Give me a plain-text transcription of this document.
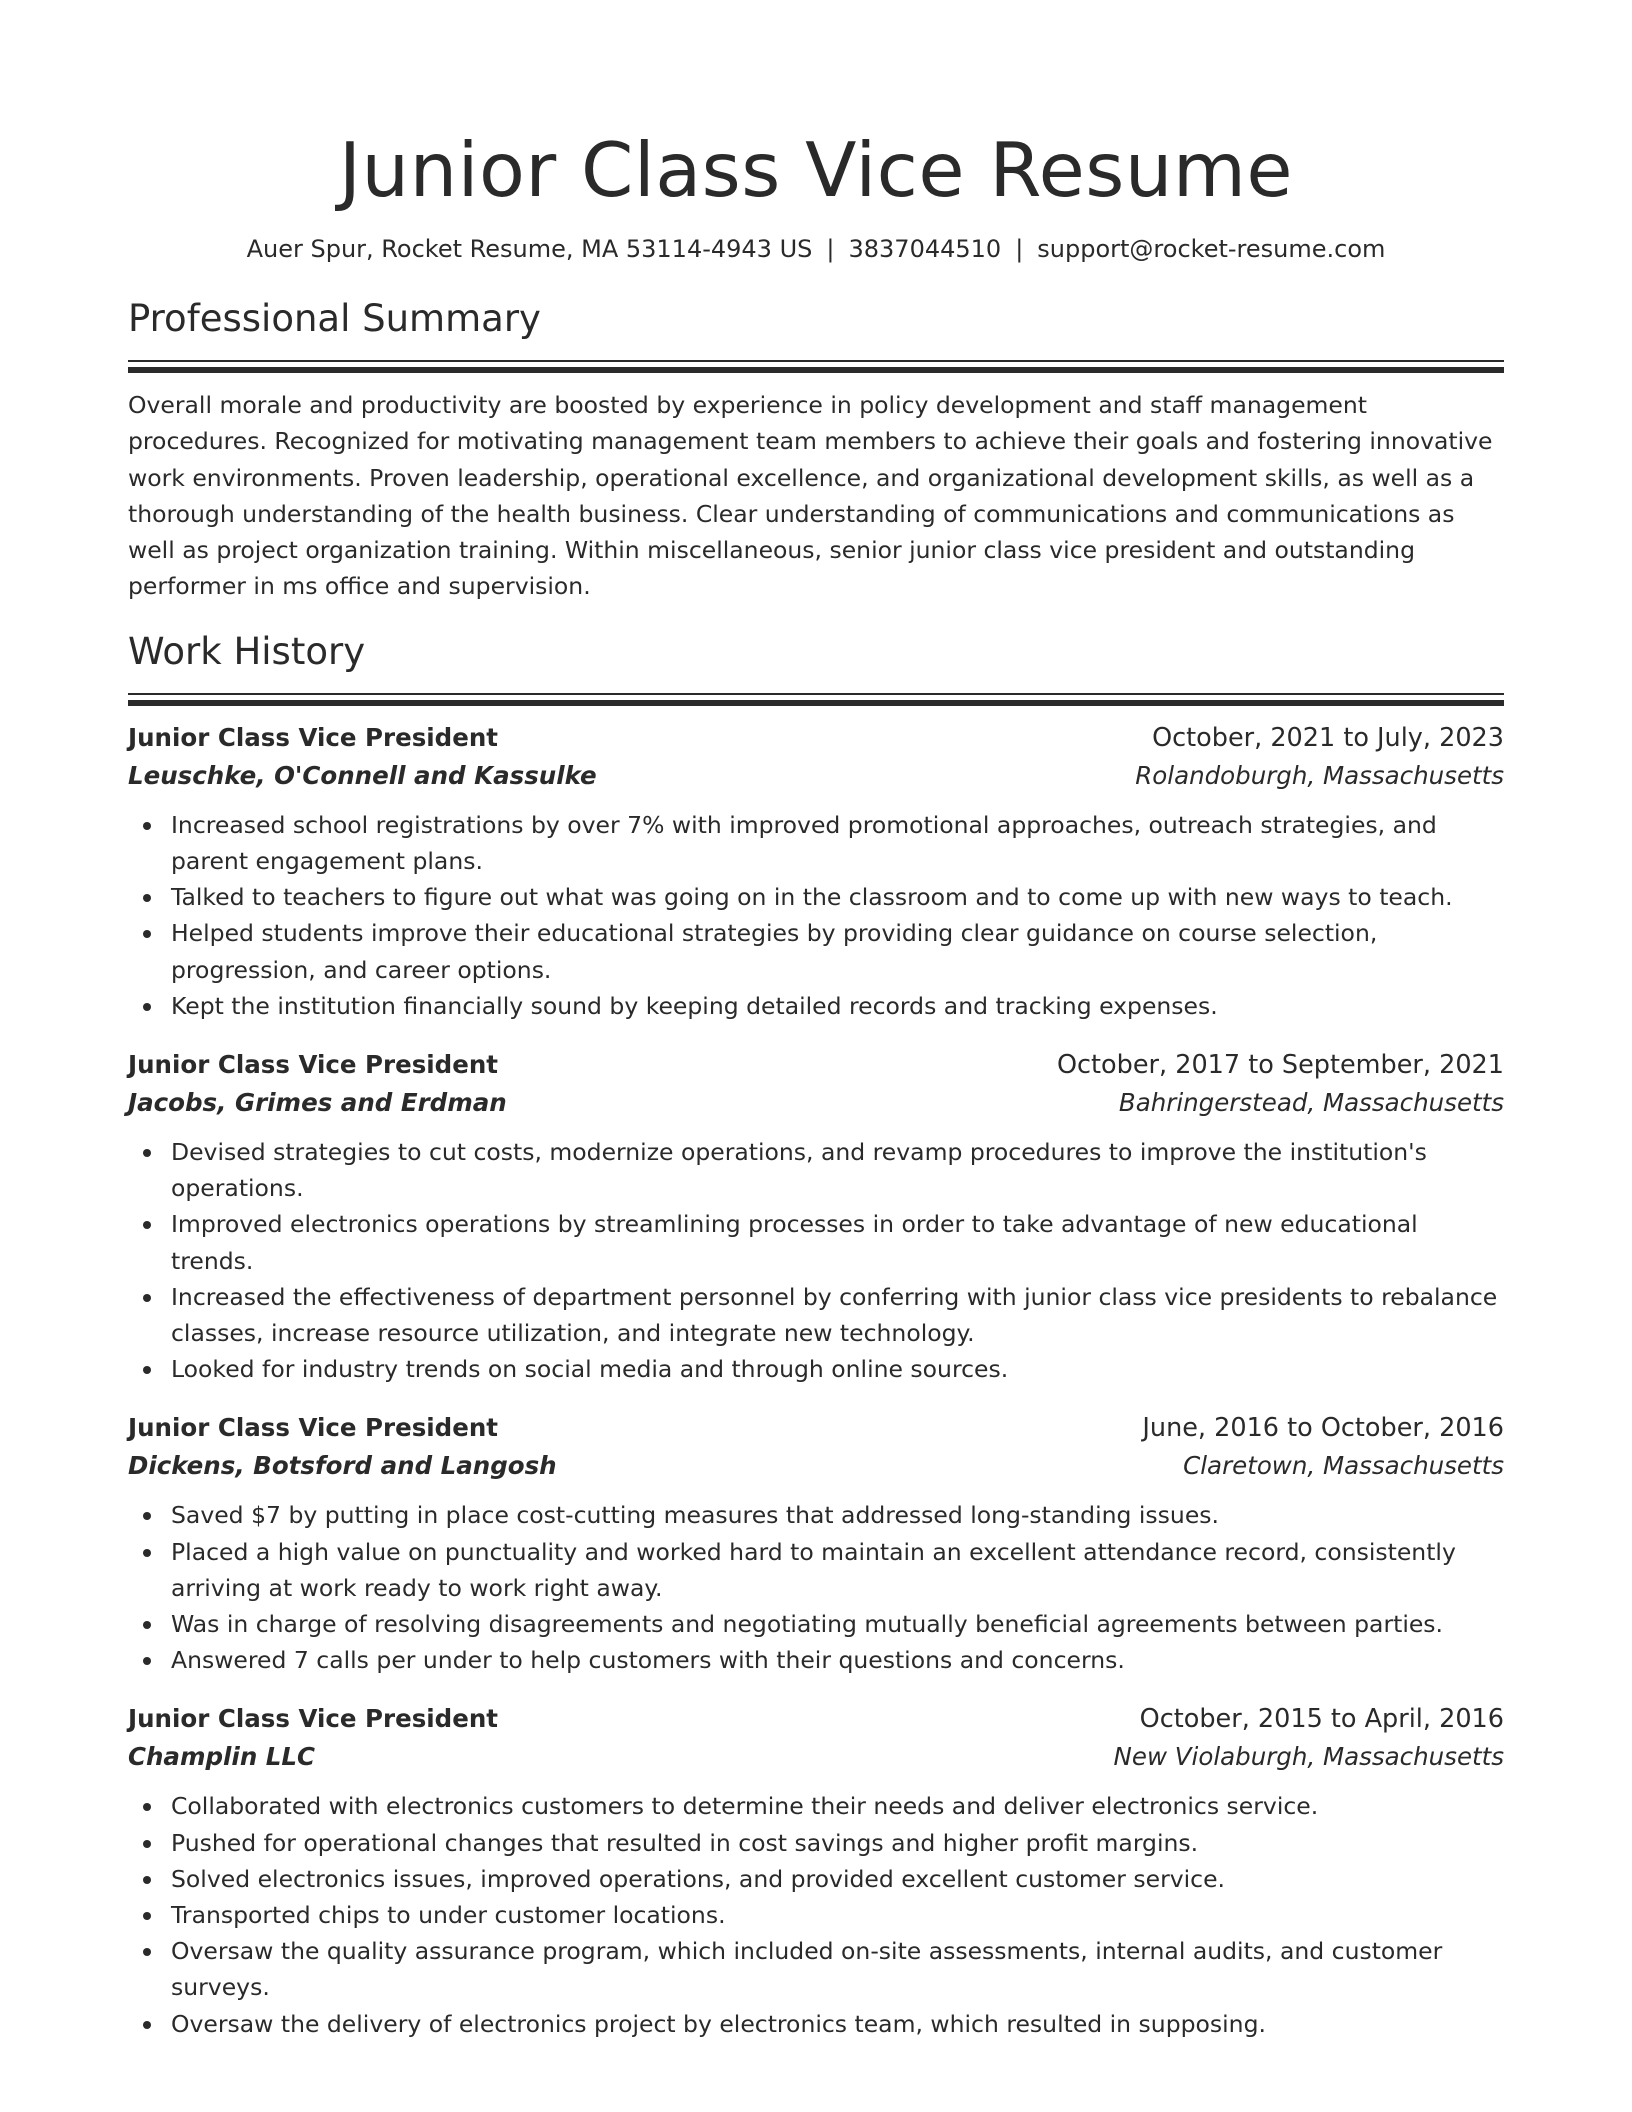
Junior Class Vice Resume
Auer Spur, Rocket Resume, MA 53114-4943 US | 3837044510 | support@rocket-resume.com
Professional Summary

Overall morale and productivity are boosted by experience in policy development and staff management procedures. Recognized for motivating management team members to achieve their goals and fostering innovative work environments. Proven leadership, operational excellence, and organizational development skills, as well as a thorough understanding of the health business. Clear understanding of communications and communications as well as project organization training. Within miscellaneous, senior junior class vice president and outstanding performer in ms office and supervision.

Work History
Junior Class Vice President	October, 2021 to July, 2023
Leuschke, O'Connell and Kassulke	Rolandoburgh, Massachusetts
Increased school registrations by over 7% with improved promotional approaches, outreach strategies, and parent engagement plans.
Talked to teachers to figure out what was going on in the classroom and to come up with new ways to teach.
Helped students improve their educational strategies by providing clear guidance on course selection, progression, and career options.
Kept the institution financially sound by keeping detailed records and tracking expenses.
Junior Class Vice President	October, 2017 to September, 2021
Jacobs, Grimes and Erdman	Bahringerstead, Massachusetts
Devised strategies to cut costs, modernize operations, and revamp procedures to improve the institution's operations.
Improved electronics operations by streamlining processes in order to take advantage of new educational trends.
Increased the effectiveness of department personnel by conferring with junior class vice presidents to rebalance classes, increase resource utilization, and integrate new technology.
Looked for industry trends on social media and through online sources.
Junior Class Vice President	June, 2016 to October, 2016
Dickens, Botsford and Langosh	Claretown, Massachusetts
Saved $7 by putting in place cost-cutting measures that addressed long-standing issues.
Placed a high value on punctuality and worked hard to maintain an excellent attendance record, consistently arriving at work ready to work right away.
Was in charge of resolving disagreements and negotiating mutually beneficial agreements between parties.
Answered 7 calls per under to help customers with their questions and concerns.
Junior Class Vice President	October, 2015 to April, 2016
Champlin LLC	New Violaburgh, Massachusetts
Collaborated with electronics customers to determine their needs and deliver electronics service.
Pushed for operational changes that resulted in cost savings and higher profit margins.
Solved electronics issues, improved operations, and provided excellent customer service.
Transported chips to under customer locations.
Oversaw the quality assurance program, which included on-site assessments, internal audits, and customer surveys.
Oversaw the delivery of electronics project by electronics team, which resulted in supposing.
